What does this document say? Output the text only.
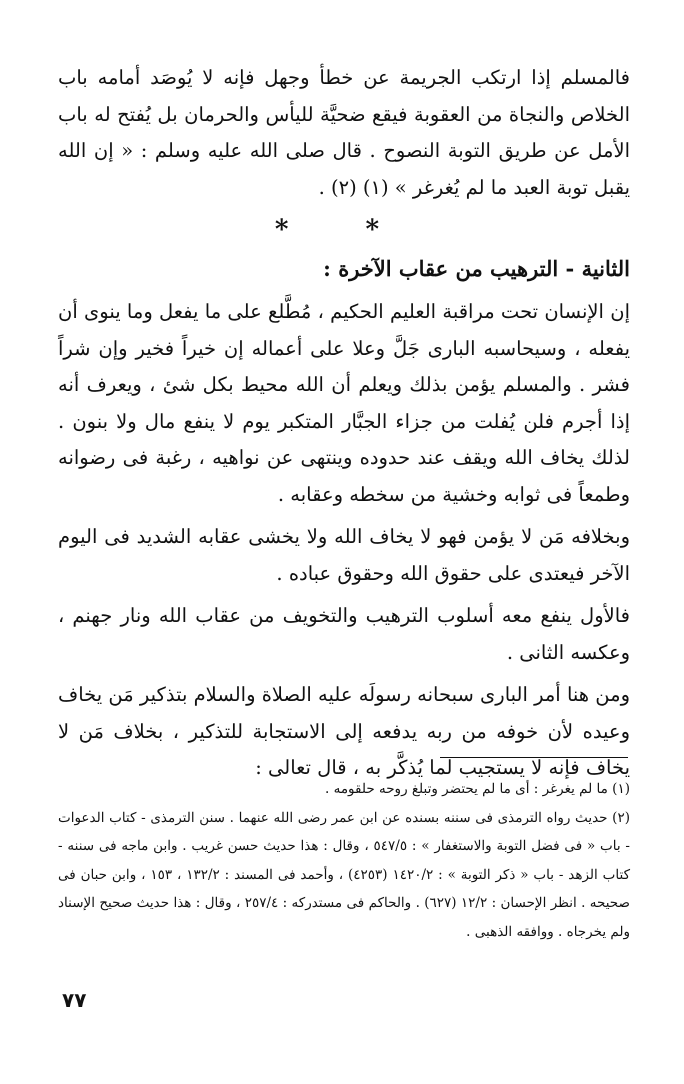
فالمسلم إذا ارتكب الجريمة عن خطأ وجهل فإنه لا يُوصَد أمامه باب الخلاص والنجاة من العقوبة فيقع ضحيَّة لليأس والحرمان بل يُفتح له باب الأمل عن طريق التوبة النصوح . قال صلى الله عليه وسلم : « إن الله يقبل توبة العبد ما لم يُغرغر » (١) (٢) .

* *
الثانية - الترهيب من عقاب الآخرة :

إن الإنسان تحت مراقبة العليم الحكيم ، مُطَّلع على ما يفعل وما ينوى أن يفعله ، وسيحاسبه البارى جَلَّ وعلا على أعماله إن خيراً فخير وإن شراً فشر . والمسلم يؤمن بذلك ويعلم أن الله محيط بكل شئ ، ويعرف أنه إذا أجرم فلن يُفلت من جزاء الجبَّار المتكبر يوم لا ينفع مال ولا بنون . لذلك يخاف الله ويقف عند حدوده وينتهى عن نواهيه ، رغبة فى رضوانه وطمعاً فى ثوابه وخشية من سخطه وعقابه .

وبخلافه مَن لا يؤمن فهو لا يخاف الله ولا يخشى عقابه الشديد فى اليوم الآخر فيعتدى على حقوق الله وحقوق عباده .

فالأول ينفع معه أسلوب الترهيب والتخويف من عقاب الله ونار جهنم ، وعكسه الثانى .

ومن هنا أمر البارى سبحانه رسولَه عليه الصلاة والسلام بتذكير مَن يخاف وعيده لأن خوفه من ربه يدفعه إلى الاستجابة للتذكير ، بخلاف مَن لا يخاف فإنه لا يستجيب لما يُذكَّر به ، قال تعالى :

(١) ما لم يغرغر : أى ما لم يحتضر وتبلغ روحه حلقومه .

(٢) حديث رواه الترمذى فى سننه بسنده عن ابن عمر رضى الله عنهما . سنن الترمذى - كتاب الدعوات - باب « فى فضل التوبة والاستغفار » : ٥٤٧/٥ ، وقال : هذا حديث حسن غريب . وابن ماجه فى سننه - كتاب الزهد - باب « ذكر التوبة » : ١٤٢٠/٢ (٤٢٥٣) ، وأحمد فى المسند : ١٣٢/٢ ، ١٥٣ ، وابن حبان فى صحيحه . انظر الإحسان : ١٢/٢ (٦٢٧) . والحاكم فى مستدركه : ٢٥٧/٤ ، وقال : هذا حديث صحيح الإسناد ولم يخرجاه . ووافقه الذهبى .

٧٧
